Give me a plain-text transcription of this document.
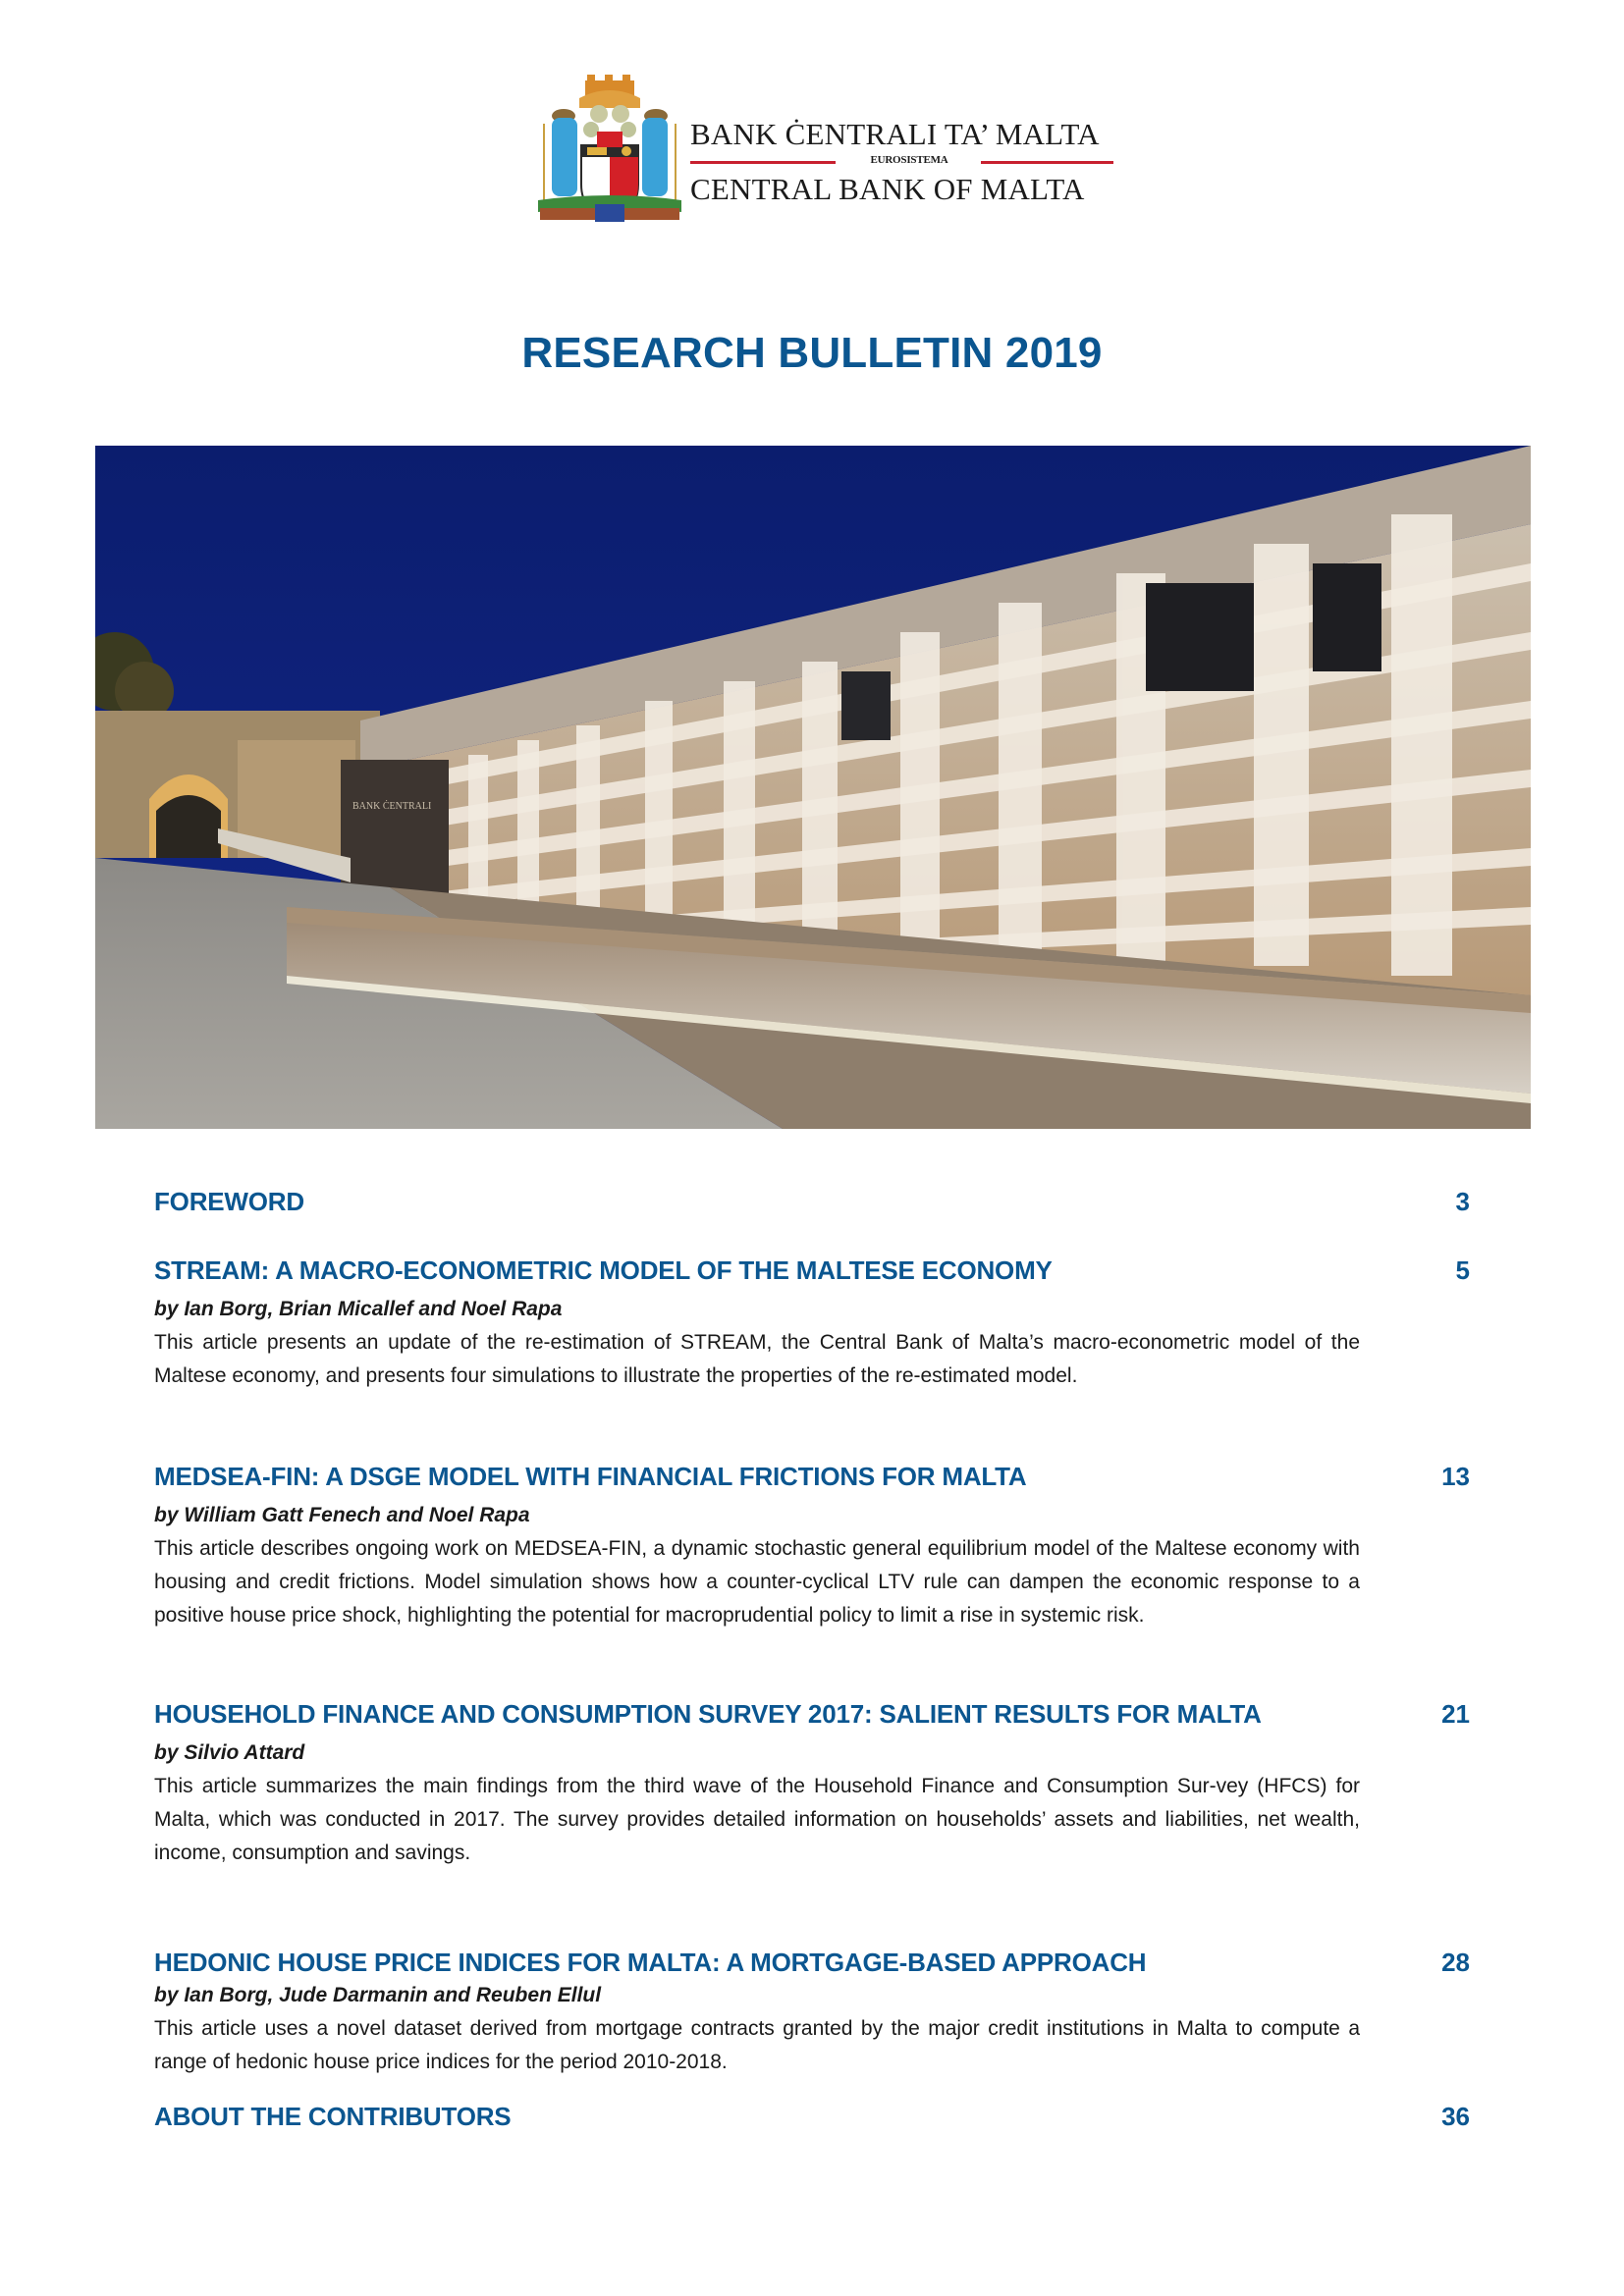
BANK ĊENTRALI TA’ MALTA
EUROSISTEMA
CENTRAL BANK OF MALTA
RESEARCH BULLETIN 2019
BANK ĊENTRALI
FOREWORD	3
STREAM: A MACRO-ECONOMETRIC MODEL OF THE MALTESE ECONOMY	5
by Ian Borg, Brian Micallef and Noel Rapa
This article presents an update of the re-estimation of STREAM, the Central Bank of Malta’s macro-econometric model of the Maltese economy, and presents four simulations to illustrate the properties of the re-estimated model.
MEDSEA-FIN: A DSGE MODEL WITH FINANCIAL FRICTIONS FOR MALTA	13
by William Gatt Fenech and Noel Rapa
This article describes ongoing work on MEDSEA-FIN, a dynamic stochastic general equilibrium model of the Maltese economy with housing and credit frictions. Model simulation shows how a counter-cyclical LTV rule can dampen the economic response to a positive house price shock, highlighting the potential for macroprudential policy to limit a rise in systemic risk.
HOUSEHOLD FINANCE AND CONSUMPTION SURVEY 2017: SALIENT RESULTS FOR MALTA	21
by Silvio Attard
This article summarizes the main findings from the third wave of the Household Finance and Consumption Sur-vey (HFCS) for Malta, which was conducted in 2017. The survey provides detailed information on households’ assets and liabilities, net wealth, income, consumption and savings.
HEDONIC HOUSE PRICE INDICES FOR MALTA: A MORTGAGE-BASED APPROACH	28
by Ian Borg, Jude Darmanin and Reuben Ellul
This article uses a novel dataset derived from mortgage contracts granted by the major credit institutions in Malta to compute a range of hedonic house price indices for the period 2010-2018.
ABOUT THE CONTRIBUTORS	36
